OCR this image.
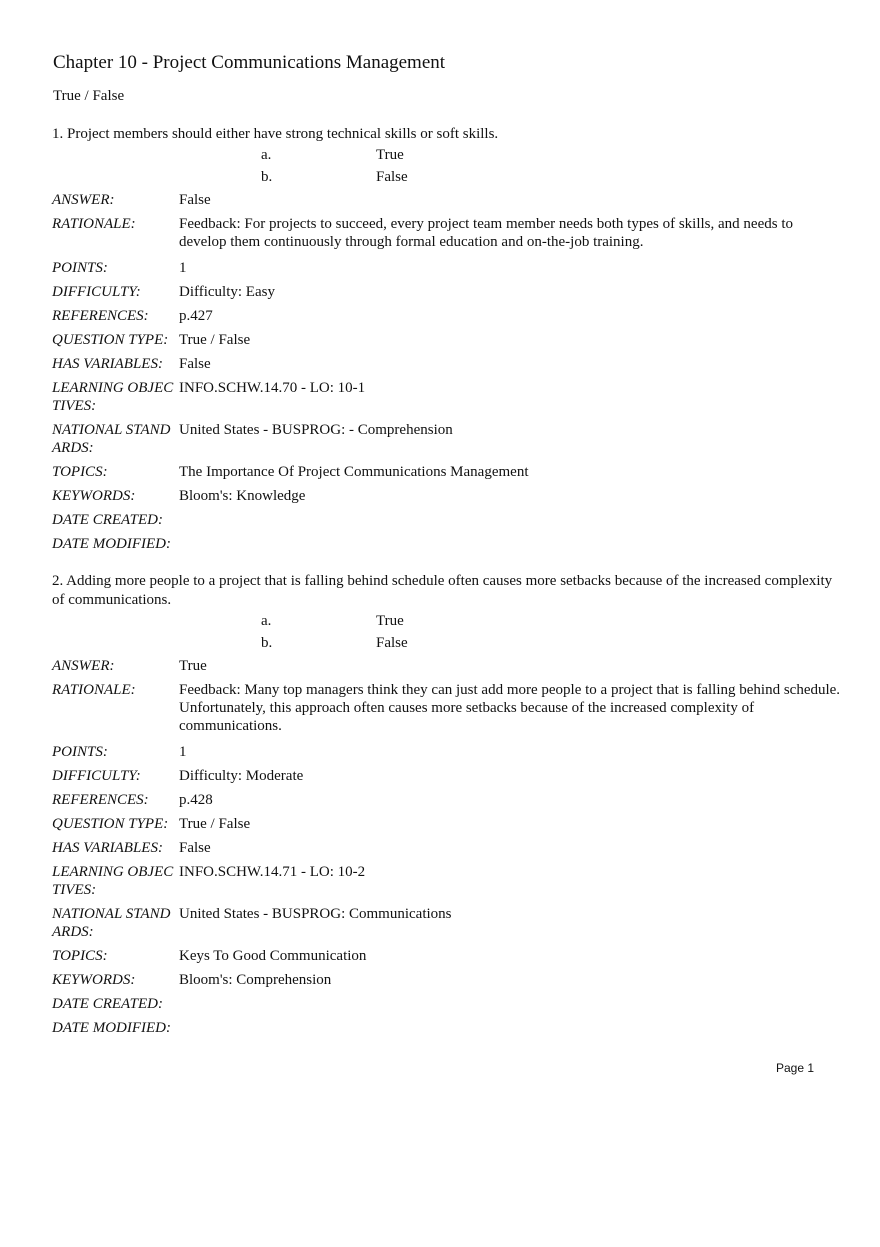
Chapter 10 - Project Communications Management
True / False

1. Project members should either have strong technical skills or soft skills.

a.	True
b.	False
ANSWER:	False
RATIONALE:	Feedback: For projects to succeed, every project team member needs both types of skills, and needs to develop them continuously through formal education and on-the-job training.
POINTS:	1
DIFFICULTY:	Difficulty: Easy
REFERENCES:	p.427
QUESTION TYPE: True / False
HAS VARIABLES:	False
LEARNING OBJECTIVES:
INFO.SCHW.14.70 - LO: 10-1
NATIONAL STANDARDS:
United States - BUSPROG: - Comprehension
TOPICS:	The Importance Of Project Communications Management
KEYWORDS:	Bloom's: Knowledge
DATE CREATED:
DATE MODIFIED:

2. Adding more people to a project that is falling behind schedule often causes more setbacks because of the increased complexity of communications.

a.	True
b.	False
ANSWER:	True
RATIONALE:	Feedback: Many top managers think they can just add more people to a project that is falling behind schedule. Unfortunately, this approach often causes more setbacks because of the increased complexity of communications.
POINTS:	1
DIFFICULTY:	Difficulty: Moderate
REFERENCES:	p.428
QUESTION TYPE: True / False
HAS VARIABLES:	False
LEARNING OBJECTIVES:
INFO.SCHW.14.71 - LO: 10-2
NATIONAL STANDARDS:
United States - BUSPROG: Communications
TOPICS:	Keys To Good Communication
KEYWORDS:	Bloom's: Comprehension
DATE CREATED:
DATE MODIFIED:
Page 1
